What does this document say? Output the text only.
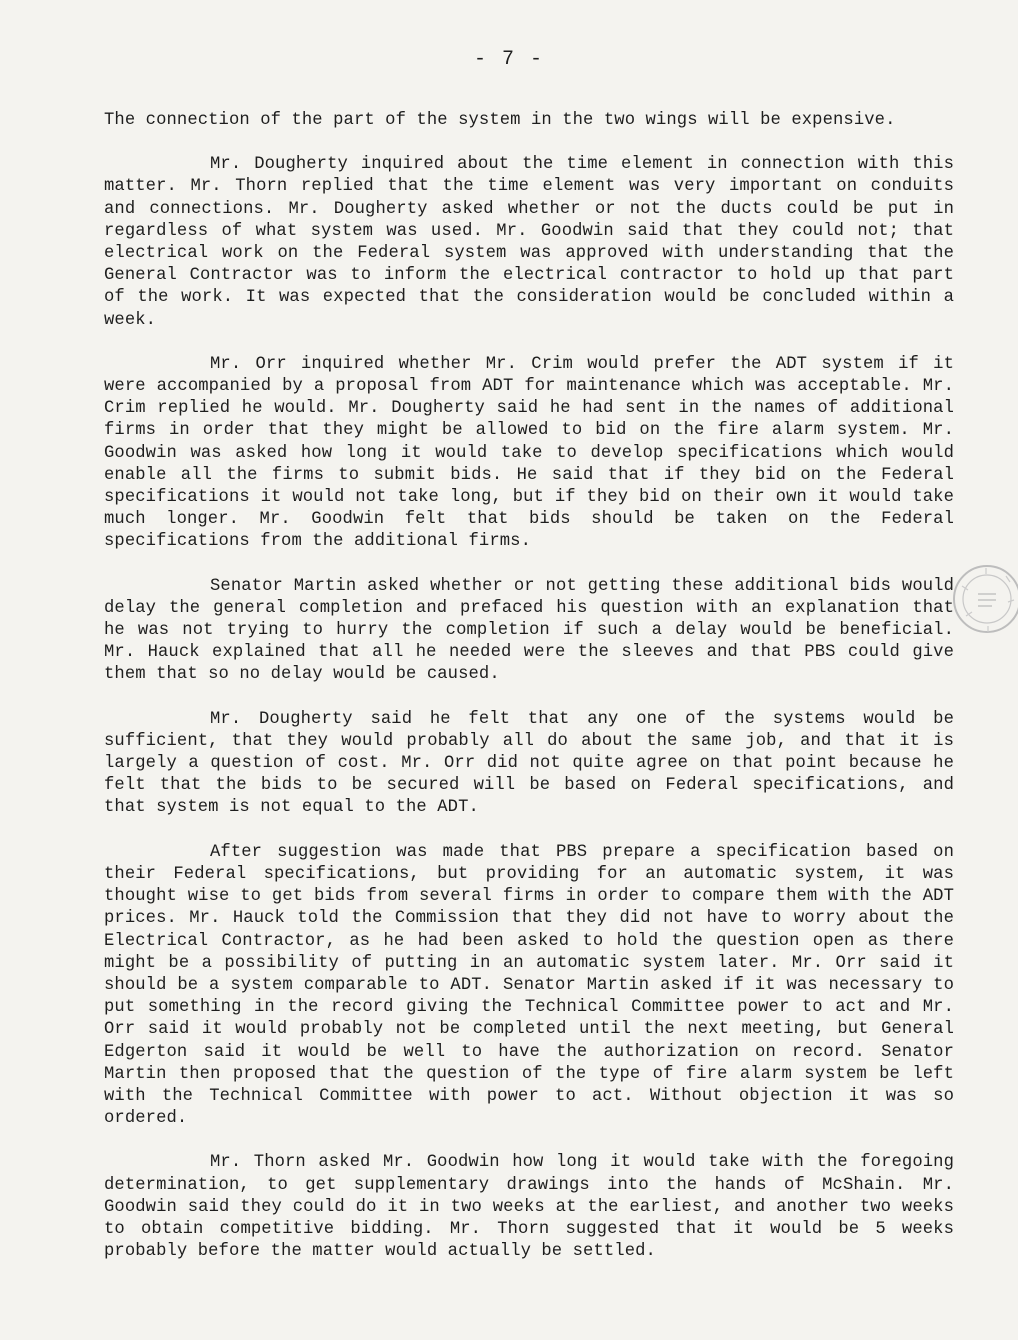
- 7 -

The connection of the part of the system in the two wings will be expensive.

Mr. Dougherty inquired about the time element in connection with this matter. Mr. Thorn replied that the time element was very important on conduits and connections. Mr. Dougherty asked whether or not the ducts could be put in regardless of what system was used. Mr. Goodwin said that they could not; that electrical work on the Federal system was approved with understanding that the General Contractor was to inform the electrical contractor to hold up that part of the work. It was expected that the consideration would be concluded within a week.

Mr. Orr inquired whether Mr. Crim would prefer the ADT system if it were accompanied by a proposal from ADT for maintenance which was acceptable. Mr. Crim replied he would. Mr. Dougherty said he had sent in the names of additional firms in order that they might be allowed to bid on the fire alarm system. Mr. Goodwin was asked how long it would take to develop specifications which would enable all the firms to submit bids. He said that if they bid on the Federal specifications it would not take long, but if they bid on their own it would take much longer. Mr. Goodwin felt that bids should be taken on the Federal specifications from the additional firms.

Senator Martin asked whether or not getting these additional bids would delay the general completion and prefaced his question with an explanation that he was not trying to hurry the completion if such a delay would be beneficial. Mr. Hauck explained that all he needed were the sleeves and that PBS could give them that so no delay would be caused.

Mr. Dougherty said he felt that any one of the systems would be sufficient, that they would probably all do about the same job, and that it is largely a question of cost. Mr. Orr did not quite agree on that point because he felt that the bids to be secured will be based on Federal specifications, and that system is not equal to the ADT.

After suggestion was made that PBS prepare a specification based on their Federal specifications, but providing for an automatic system, it was thought wise to get bids from several firms in order to compare them with the ADT prices. Mr. Hauck told the Commission that they did not have to worry about the Electrical Contractor, as he had been asked to hold the question open as there might be a possibility of putting in an automatic system later. Mr. Orr said it should be a system comparable to ADT. Senator Martin asked if it was necessary to put something in the record giving the Technical Committee power to act and Mr. Orr said it would probably not be completed until the next meeting, but General Edgerton said it would be well to have the authorization on record. Senator Martin then proposed that the question of the type of fire alarm system be left with the Technical Committee with power to act. Without objection it was so ordered.

Mr. Thorn asked Mr. Goodwin how long it would take with the foregoing determination, to get supplementary drawings into the hands of McShain. Mr. Goodwin said they could do it in two weeks at the earliest, and another two weeks to obtain competitive bidding. Mr. Thorn suggested that it would be 5 weeks probably before the matter would actually be settled.
